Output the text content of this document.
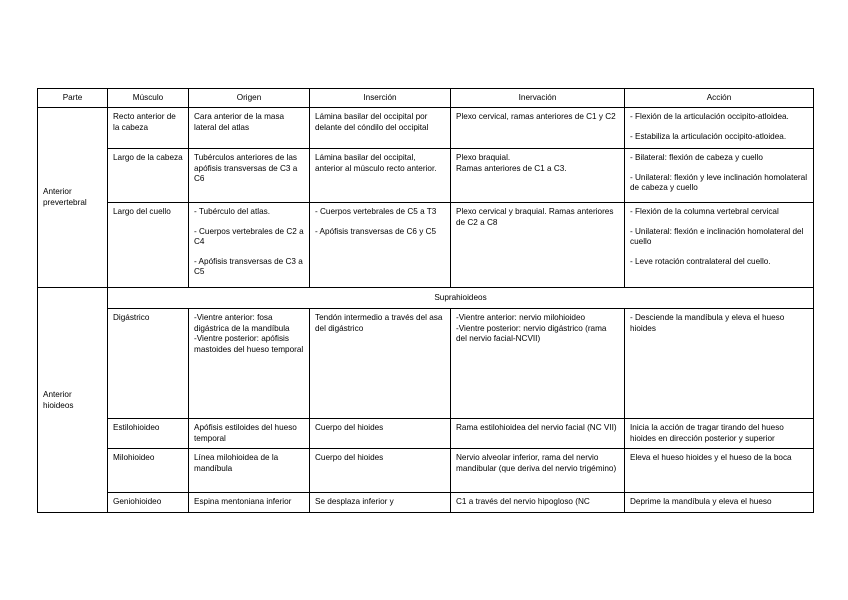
Parte	Músculo	Origen	Inserción	Inervación	Acción
Anterior prevertebral	Recto anterior de la cabeza	Cara anterior de la masa lateral del atlas	Lámina basilar del occipital por delante del cóndilo del occipital	Plexo cervical, ramas anteriores de C1 y C2	- Flexión de la articulación occipito-atloidea.
- Estabiliza la articulación occipito-atloidea.

	Largo de la cabeza	Tubérculos anteriores de las apófisis transversas de C3 a C6	Lámina basilar del occipital, anterior al músculo recto anterior.	Plexo braquial.
Ramas anteriores de C1 a C3.	- Bilateral: flexión de cabeza y cuello
- Unilateral: flexión y leve inclinación homolateral de cabeza y cuello

	Largo del cuello	- Tubérculo del atlas.
- Cuerpos vertebrales de C2 a C4
- Apófisis transversas de C3 a C5	- Cuerpos vertebrales de C5 a T3
- Apófisis transversas de C6 y C5	Plexo cervical y braquial. Ramas anteriores de C2 a C8	- Flexión de la columna vertebral cervical
- Unilateral: flexión e inclinación homolateral del cuello
- Leve rotación contralateral del cuello.

Anterior hioideos	Suprahioideos				
	Digástrico	-Vientre anterior: fosa digástrica de la mandíbula
-Vientre posterior: apófisis mastoides del hueso temporal	Tendón intermedio a través del asa del digástrico	-Vientre anterior: nervio milohioideo
-Vientre posterior: nervio digástrico (rama del nervio facial-NCVII)	- Desciende la mandíbula y eleva el hueso hioides
	Estilohioideo	Apófisis estiloides del hueso temporal	Cuerpo del hioides	Rama estilohioidea del nervio facial (NC VII)	Inicia la acción de tragar tirando del hueso hioides en dirección posterior y superior
	Milohioideo	Línea milohioidea de la mandíbula	Cuerpo del hioides	Nervio alveolar inferior, rama del nervio mandibular (que deriva del nervio trigémino)	Eleva el hueso hioides y el hueso de la boca
	Geniohioideo	Espina mentoniana inferior	Se desplaza inferior y	C1 a través del nervio hipogloso (NC	Deprime la mandíbula y eleva el hueso
